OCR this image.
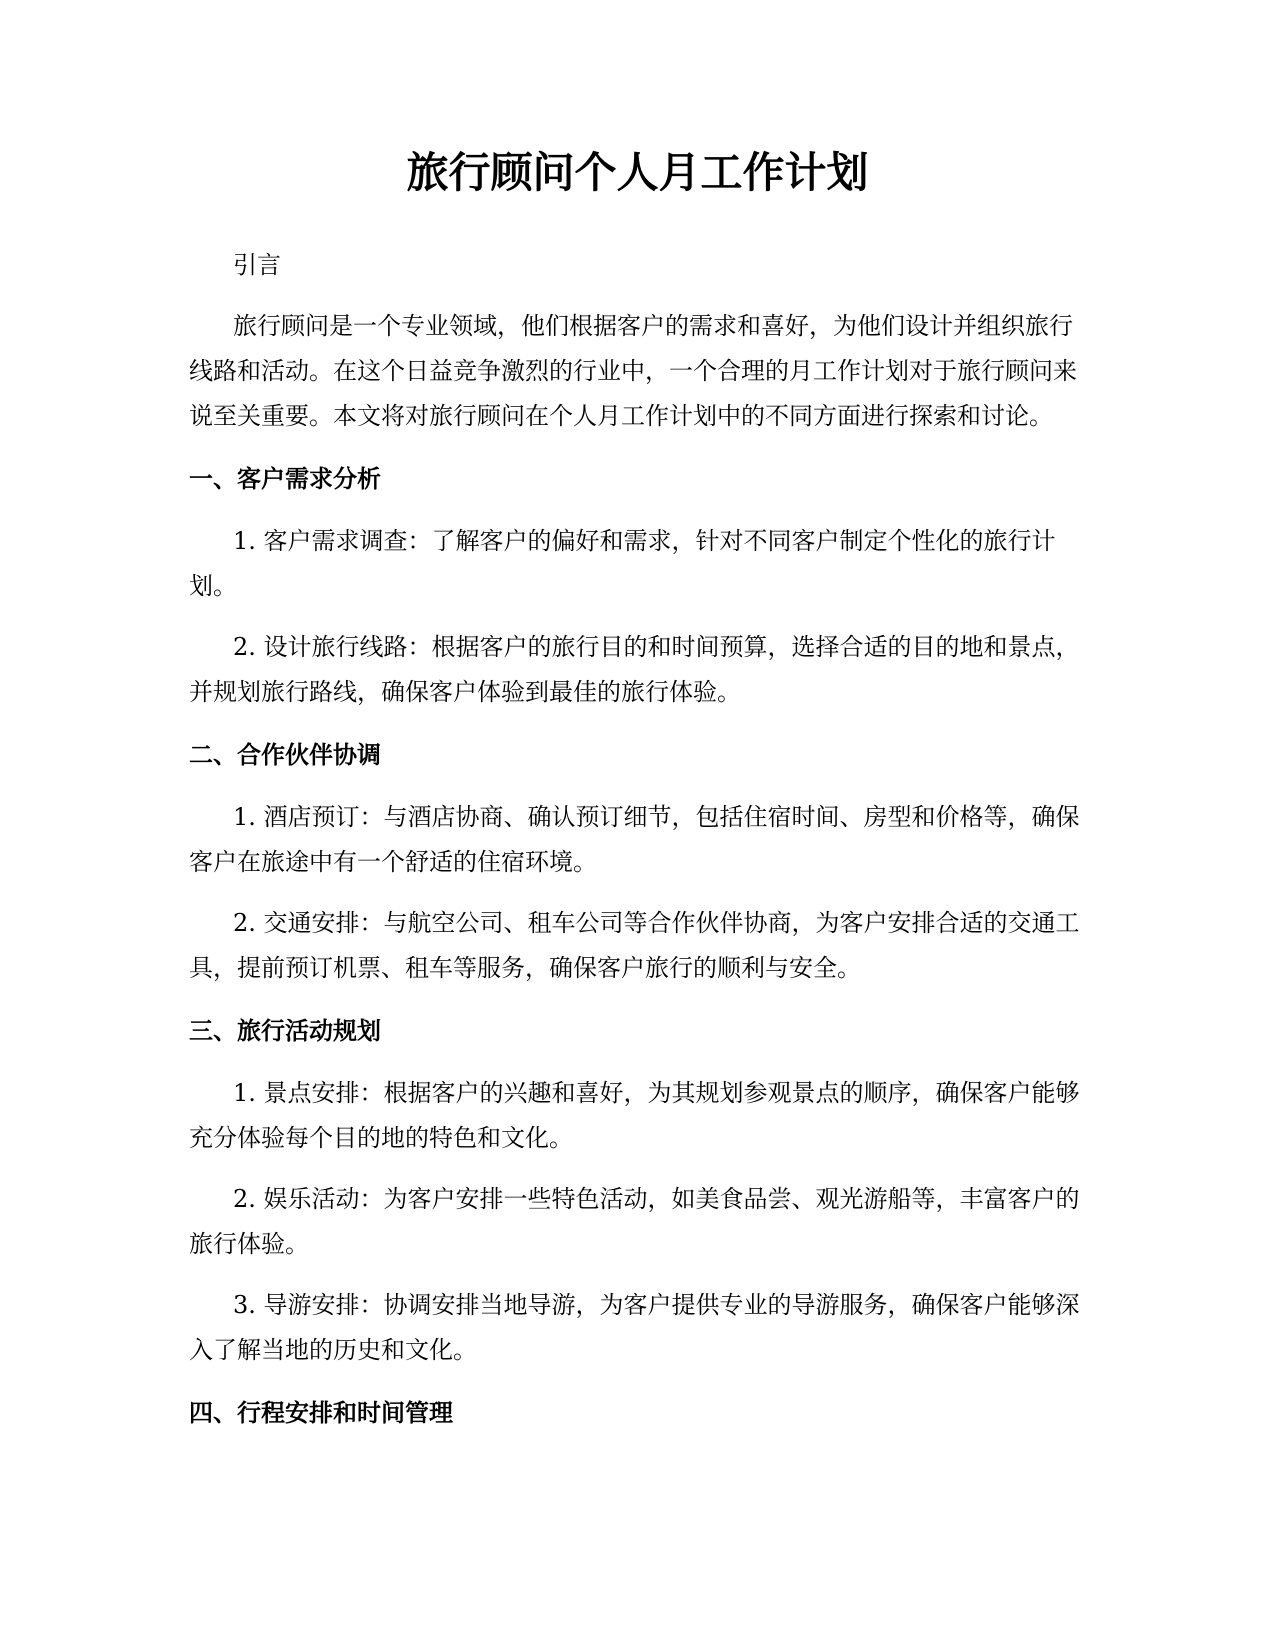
旅行顾问个人月工作计划

引言

旅行顾问是一个专业领域，他们根据客户的需求和喜好，为他们设计并组织旅行线路和活动。在这个日益竞争激烈的行业中，一个合理的月工作计划对于旅行顾问来说至关重要。本文将对旅行顾问在个人月工作计划中的不同方面进行探索和讨论。

一、客户需求分析

1. 客户需求调查：了解客户的偏好和需求，针对不同客户制定个性化的旅行计划。

2. 设计旅行线路：根据客户的旅行目的和时间预算，选择合适的目的地和景点，并规划旅行路线，确保客户体验到最佳的旅行体验。

二、合作伙伴协调

1. 酒店预订：与酒店协商、确认预订细节，包括住宿时间、房型和价格等，确保客户在旅途中有一个舒适的住宿环境。

2. 交通安排：与航空公司、租车公司等合作伙伴协商，为客户安排合适的交通工具，提前预订机票、租车等服务，确保客户旅行的顺利与安全。

三、旅行活动规划

1. 景点安排：根据客户的兴趣和喜好，为其规划参观景点的顺序，确保客户能够充分体验每个目的地的特色和文化。

2. 娱乐活动：为客户安排一些特色活动，如美食品尝、观光游船等，丰富客户的旅行体验。

3. 导游安排：协调安排当地导游，为客户提供专业的导游服务，确保客户能够深入了解当地的历史和文化。

四、行程安排和时间管理
